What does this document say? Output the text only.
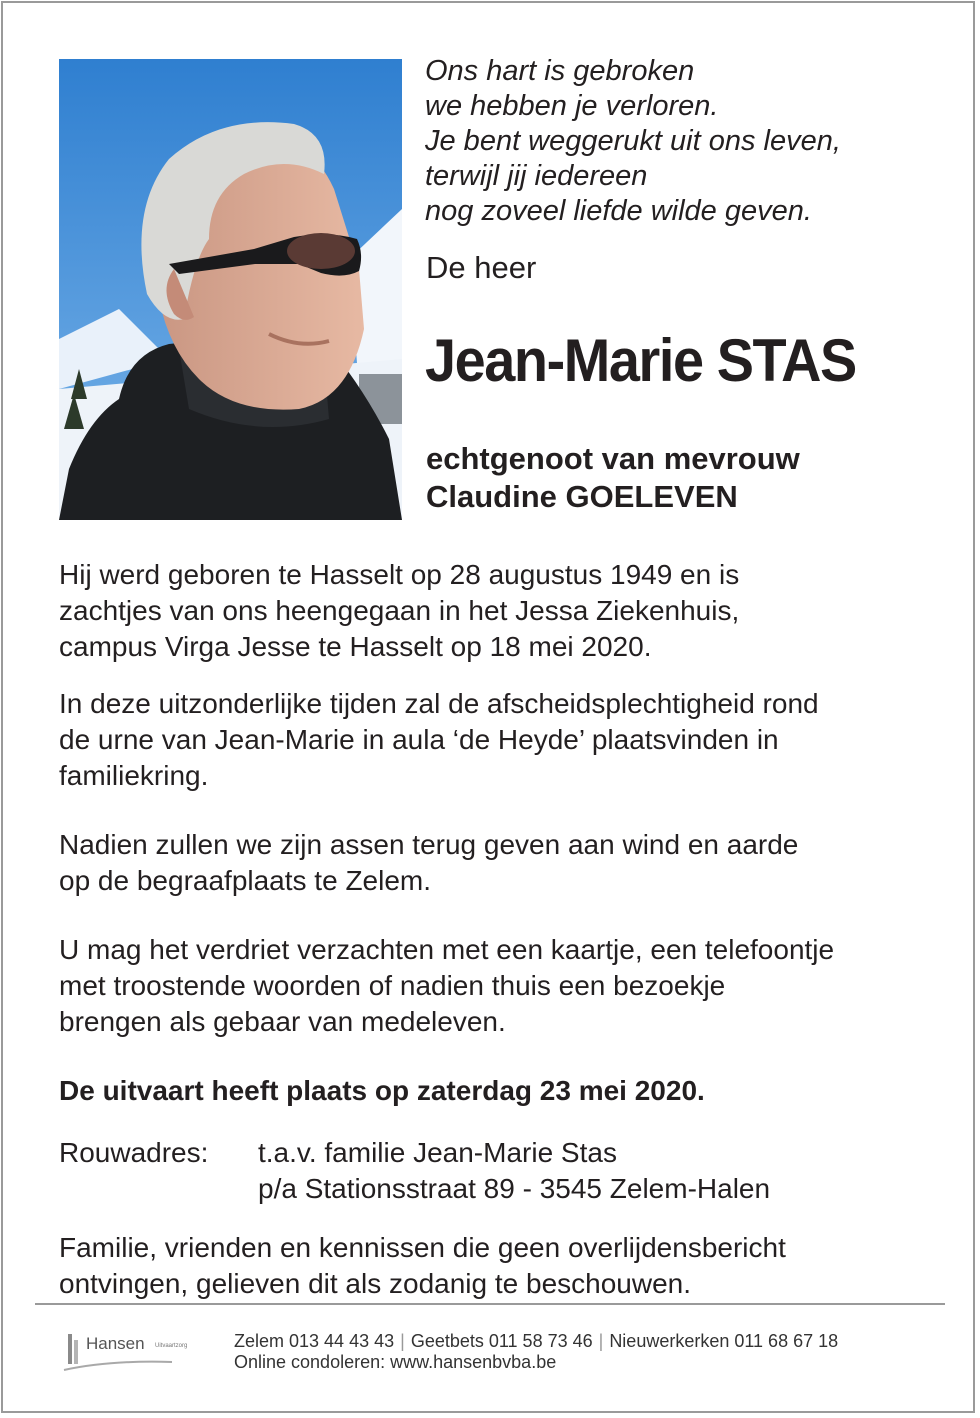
Ons hart is gebroken
we hebben je verloren.
Je bent weggerukt uit ons leven,
terwijl jij iedereen
nog zoveel liefde wilde geven.
De heer
Jean-Marie STAS
echtgenoot van mevrouw
Claudine GOELEVEN
Hij werd geboren te Hasselt op 28 augustus 1949 en is
zachtjes van ons heengegaan in het Jessa Ziekenhuis,
campus Virga Jesse te Hasselt op 18 mei 2020.
In deze uitzonderlijke tijden zal de afscheidsplechtigheid rond
de urne van Jean-Marie in aula ‘de Heyde’ plaatsvinden in
familiekring.
Nadien zullen we zijn assen terug geven aan wind en aarde
op de begraafplaats te Zelem.
U mag het verdriet verzachten met een kaartje, een telefoontje
met troostende woorden of nadien thuis een bezoekje
brengen als gebaar van medeleven.
De uitvaart heeft plaats op zaterdag 23 mei 2020.
Rouwadres: t.a.v. familie Jean-Marie Stas
p/a Stationsstraat 89 - 3545 Zelem-Halen
Familie, vrienden en kennissen die geen overlijdensbericht
ontvingen, gelieven dit als zodanig te beschouwen.
Hansen Uitvaartzorg	Zelem 013 44 43 43 | Geetbets 011 58 73 46 | Nieuwerkerken 011 68 67 18
Online condoleren: www.hansenbvba.be
